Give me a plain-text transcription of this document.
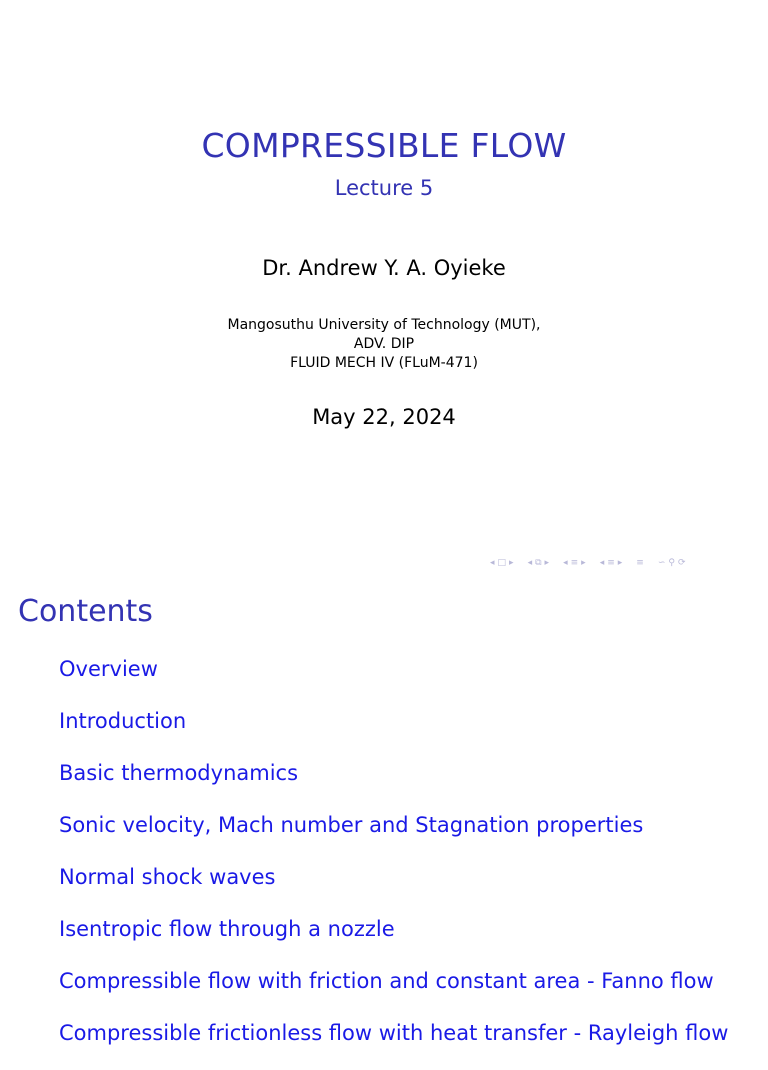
COMPRESSIBLE FLOW
Lecture 5
Dr. Andrew Y. A. Oyieke
Mangosuthu University of Technology (MUT),
ADV. DIP
FLUID MECH IV (FLuM-471)
May 22, 2024
◂ □ ▸ ◂ ⧉ ▸ ◂ ≡ ▸ ◂ ≡ ▸ ≡ ∽ ⚲ ⟳
Contents
Overview
Introduction
Basic thermodynamics
Sonic velocity, Mach number and Stagnation properties
Normal shock waves
Isentropic flow through a nozzle
Compressible flow with friction and constant area - Fanno flow
Compressible frictionless flow with heat transfer - Rayleigh flow
